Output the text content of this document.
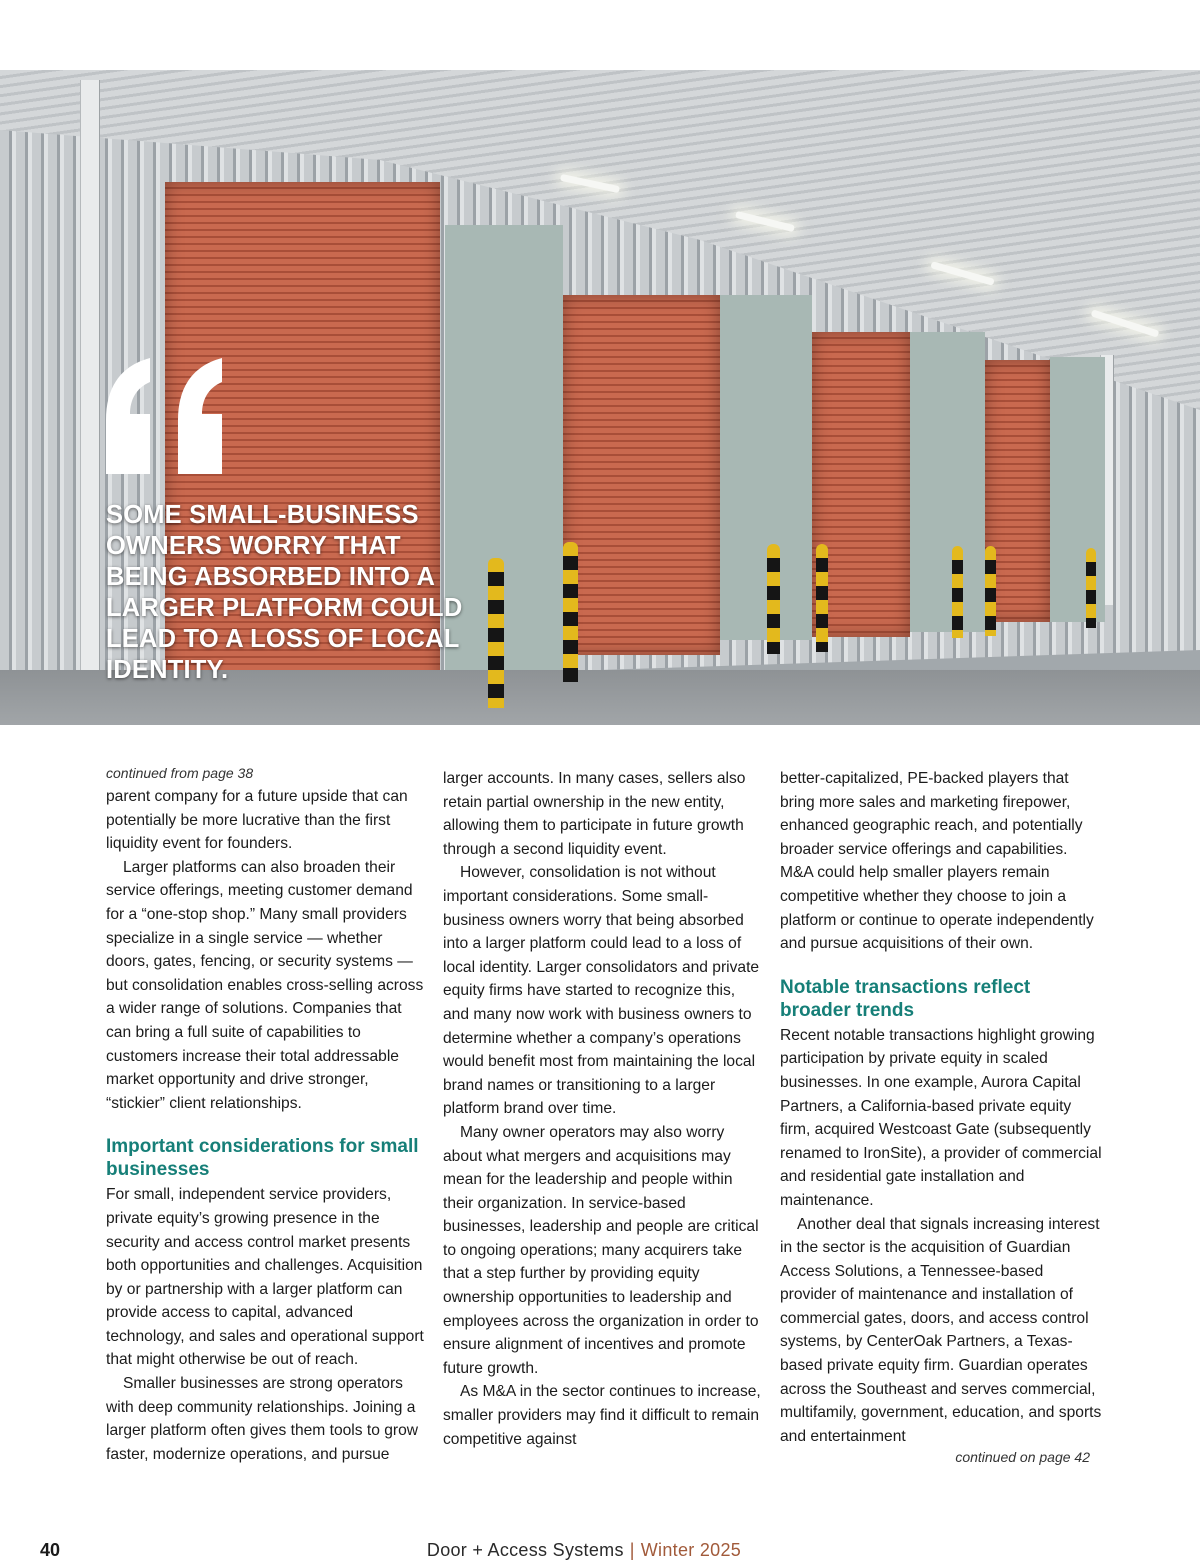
SOME SMALL-BUSINESS OWNERS WORRY THAT BEING ABSORBED INTO A LARGER PLATFORM COULD LEAD TO A LOSS OF LOCAL IDENTITY.
continued from page 38

parent company for a future upside that can potentially be more lucrative than the first liquidity event for founders.

Larger platforms can also broaden their service offerings, meeting customer demand for a “one-stop shop.” Many small providers specialize in a single service — whether doors, gates, fencing, or security systems — but consolidation enables cross-selling across a wider range of solutions. Companies that can bring a full suite of capabilities to customers increase their total addressable market opportunity and drive stronger, “stickier” client relationships.

Important considerations for small businesses

For small, independent service providers, private equity’s growing presence in the security and access control market presents both opportunities and challenges. Acquisition by or partnership with a larger platform can provide access to capital, advanced technology, and sales and operational support that might otherwise be out of reach.

Smaller businesses are strong operators with deep community relationships. Joining a larger platform often gives them tools to grow faster, modernize operations, and pursue

larger accounts. In many cases, sellers also retain partial ownership in the new entity, allowing them to participate in future growth through a second liquidity event.

However, consolidation is not without important considerations. Some small-business owners worry that being absorbed into a larger platform could lead to a loss of local identity. Larger consolidators and private equity firms have started to recognize this, and many now work with business owners to determine whether a company’s operations would benefit most from maintaining the local brand names or transitioning to a larger platform brand over time.

Many owner operators may also worry about what mergers and acquisitions may mean for the leadership and people within their organization. In service-based businesses, leadership and people are critical to ongoing operations; many acquirers take that a step further by providing equity ownership opportunities to leadership and employees across the organization in order to ensure alignment of incentives and promote future growth.

As M&A in the sector continues to increase, smaller providers may find it difficult to remain competitive against

better-capitalized, PE-backed players that bring more sales and marketing firepower, enhanced geographic reach, and potentially broader service offerings and capabilities. M&A could help smaller players remain competitive whether they choose to join a platform or continue to operate independently and pursue acquisitions of their own.

Notable transactions reflect broader trends

Recent notable transactions highlight growing participation by private equity in scaled businesses. In one example, Aurora Capital Partners, a California-based private equity firm, acquired Westcoast Gate (subsequently renamed to IronSite), a provider of commercial and residential gate installation and maintenance.

Another deal that signals increasing interest in the sector is the acquisition of Guardian Access Solutions, a Tennessee-based provider of maintenance and installation of commercial gates, doors, and access control systems, by CenterOak Partners, a Texas-based private equity firm. Guardian operates across the Southeast and serves commercial, multifamily, government, education, and sports and entertainment

continued on page 42
40	Door + Access Systems | Winter 2025
